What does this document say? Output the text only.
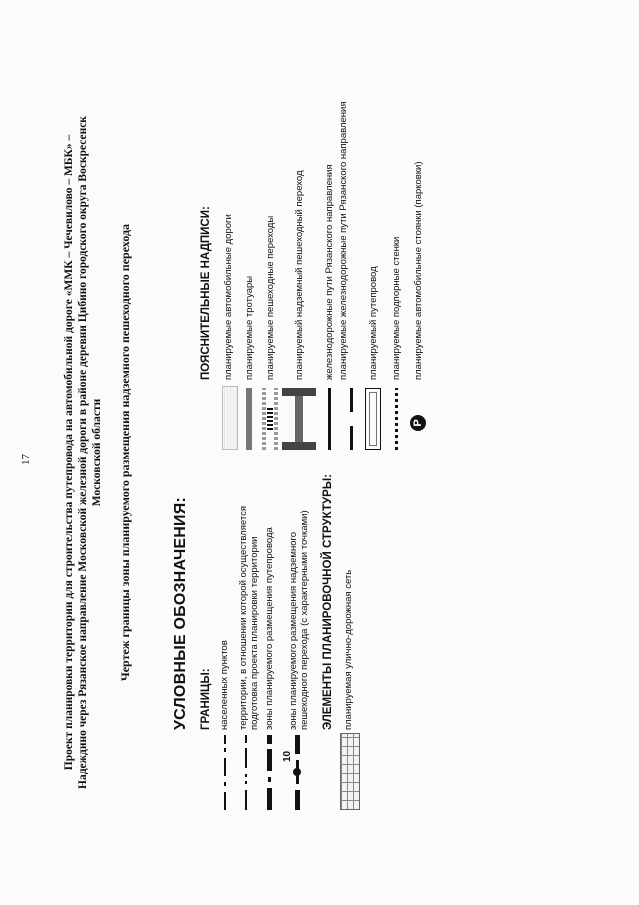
17	Проект планировки территории для строительства путепровода на автомобильной дороге «ММК – Чечевилово – МБК» – Надеждино через Рязанское направление Московской железной дороги в районе деревни Цибино городского округа Воскресенск Московской области Чертеж границы зоны планируемого размещения надземного пешеходного перехода	УСЛОВНЫЕ ОБОЗНАЧЕНИЯ: ГРАНИЦЫ: населенных пунктов территории, в отношении которой осуществляется подготовка проекта планировки территории зоны планируемого размещения путепровода
10
зоны планируемого размещения надземного пешеходного перехода (с характерными точками) ЭЛЕМЕНТЫ ПЛАНИРОВОЧНОЙ СТРУКТУРЫ: планируемая улично-дорожная сеть
ПОЯСНИТЕЛЬНЫЕ НАДПИСИ: планируемые автомобильные дороги планируемые тротуары планируемые пешеходные переходы планируемый надземный пешеходный переход железнодорожные пути Рязанского направления планируемые железнодорожные пути Рязанского направления планируемый путепровод планируемые подпорные стенки
P
планируемые автомобильные стоянки (парковки)
